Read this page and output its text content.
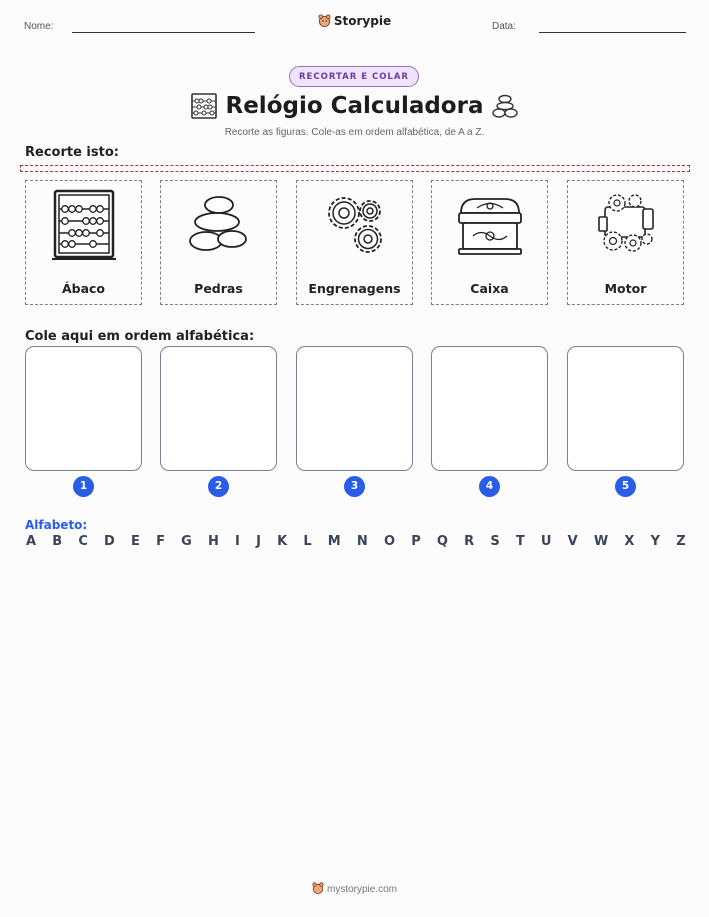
Nome:	Storypie	Data:
RECORTAR E COLAR
Relógio Calculadora
Recorte as figuras. Cole-as em ordem alfabética, de A a Z.
Recorte isto:
Ábaco	Pedras	Engrenagens	Caixa	Motor
Cole aqui em ordem alfabética:
1	2	3	4	5
Alfabeto:
A B C D E F G H I J K L M N O P Q R S T U V W X Y Z
mystorypie.com
